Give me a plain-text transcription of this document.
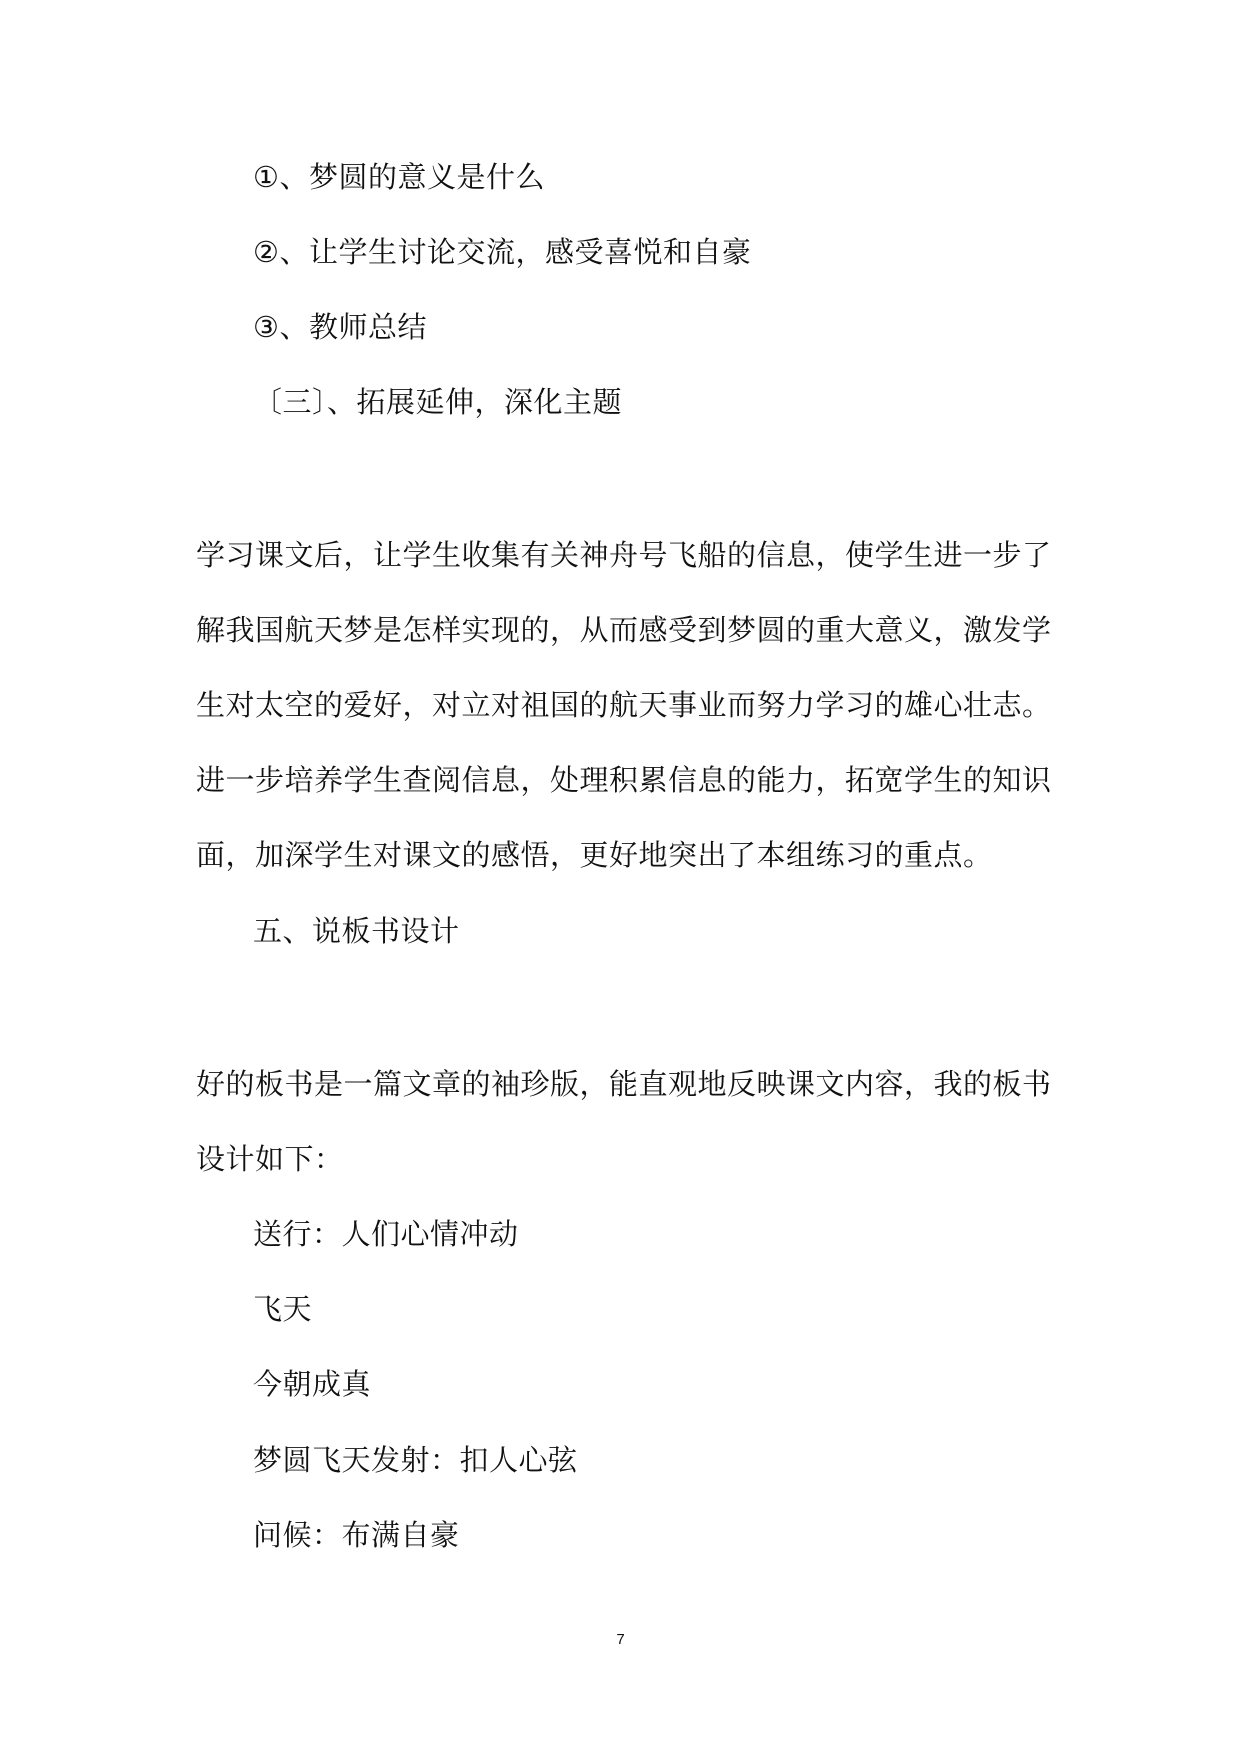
①、梦圆的意义是什么

②、让学生讨论交流，感受喜悦和自豪

③、教师总结

〔三〕、拓展延伸，深化主题

学习课文后，让学生收集有关神舟号飞船的信息，使学生进一步了

解我国航天梦是怎样实现的，从而感受到梦圆的重大意义，激发学

生对太空的爱好，对立对祖国的航天事业而努力学习的雄心壮志。

进一步培养学生查阅信息，处理积累信息的能力，拓宽学生的知识

面，加深学生对课文的感悟，更好地突出了本组练习的重点。

五、说板书设计

好的板书是一篇文章的袖珍版，能直观地反映课文内容，我的板书

设计如下：

送行：人们心情冲动

飞天

今朝成真

梦圆飞天发射：扣人心弦

问候：布满自豪

7
